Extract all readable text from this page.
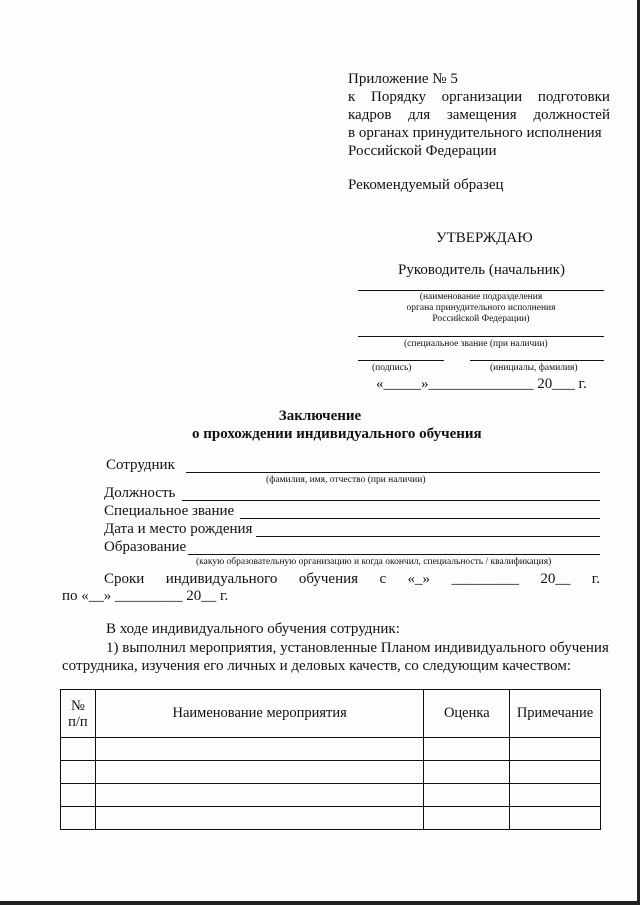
Приложение № 5
к Порядку организации подготовки
кадров для замещения должностей
в органах принудительного исполнения
Российской Федерации
Рекомендуемый образец
УТВЕРЖДАЮ
Руководитель (начальник)
(наименование подразделения
органа принудительного исполнения
Российской Федерации)
(специальное звание (при наличии)
(подпись)	(инициалы, фамилия)
«_____»______________ 20___ г.
Заключение
о прохождении индивидуального обучения
Сотрудник
(фамилия, имя, отчество (при наличии)
Должность
Специальное звание
Дата и место рождения
Образование
(какую образовательную организацию и когда окончил, специальность / квалификация)
Сроки индивидуального обучения с «_» _________ 20__ г.
по «__» _________ 20__ г.
В ходе индивидуального обучения сотрудник:
1) выполнил мероприятия, установленные Планом индивидуального обучения
сотрудника, изучения его личных и деловых качеств, со следующим качеством:
№
п/п	Наименование мероприятия	Оценка	Примечание
